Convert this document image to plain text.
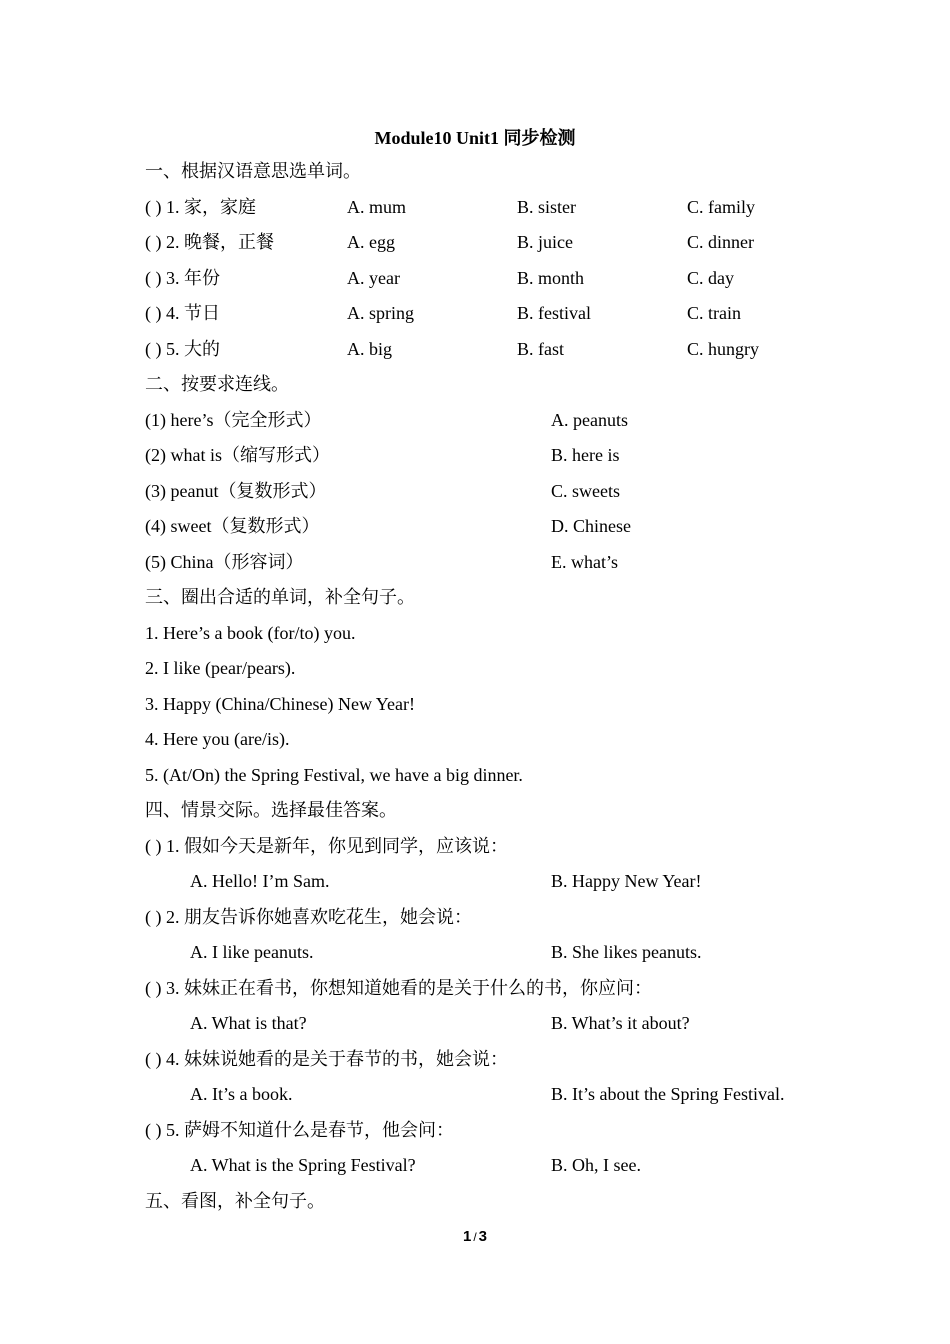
Module10 Unit1 同步检测
一、根据汉语意思选单词。
( ) 1. 家，家庭	A. mum	B. sister	C. family
( ) 2. 晚餐，正餐	A. egg	B. juice	C. dinner
( ) 3. 年份	A. year	B. month	C. day
( ) 4. 节日	A. spring	B. festival	C. train
( ) 5. 大的	A. big	B. fast	C. hungry
二、按要求连线。
(1) here’s（完全形式）	A. peanuts
(2) what is（缩写形式）	B. here is
(3) peanut（复数形式）	C. sweets
(4) sweet（复数形式）	D. Chinese
(5) China（形容词）	E. what’s
三、圈出合适的单词，补全句子。
1. Here’s a book (for/to) you.
2. I like (pear/pears).
3. Happy (China/Chinese) New Year!
4. Here you (are/is).
5. (At/On) the Spring Festival, we have a big dinner.
四、情景交际。选择最佳答案。
( ) 1. 假如今天是新年，你见到同学，应该说：
A. Hello! I’m Sam.	B. Happy New Year!
( ) 2. 朋友告诉你她喜欢吃花生，她会说：
A. I like peanuts.	B. She likes peanuts.
( ) 3. 妹妹正在看书，你想知道她看的是关于什么的书，你应问：
A. What is that?	B. What’s it about?
( ) 4. 妹妹说她看的是关于春节的书，她会说：
A. It’s a book.	B. It’s about the Spring Festival.
( ) 5. 萨姆不知道什么是春节，他会问：
A. What is the Spring Festival?	B. Oh, I see.
五、看图，补全句子。
1 / 3
